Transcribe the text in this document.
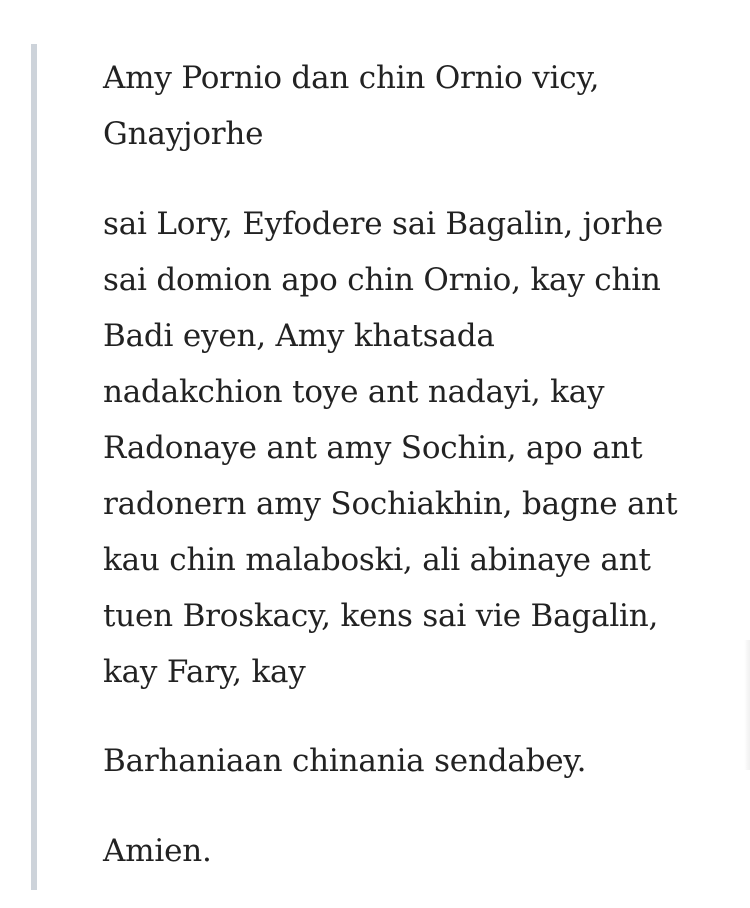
Amy Pornio dan chin Ornio vicy,
Gnayjorhe

sai Lory, Eyfodere sai Bagalin, jorhe
sai domion apo chin Ornio, kay chin
Badi eyen, Amy khatsada
nadakchion toye ant nadayi, kay
Radonaye ant amy Sochin, apo ant
radonern amy Sochiakhin, bagne ant
kau chin malaboski, ali abinaye ant
tuen Broskacy, kens sai vie Bagalin,
kay Fary, kay

Barhaniaan chinania sendabey.

Amien.
